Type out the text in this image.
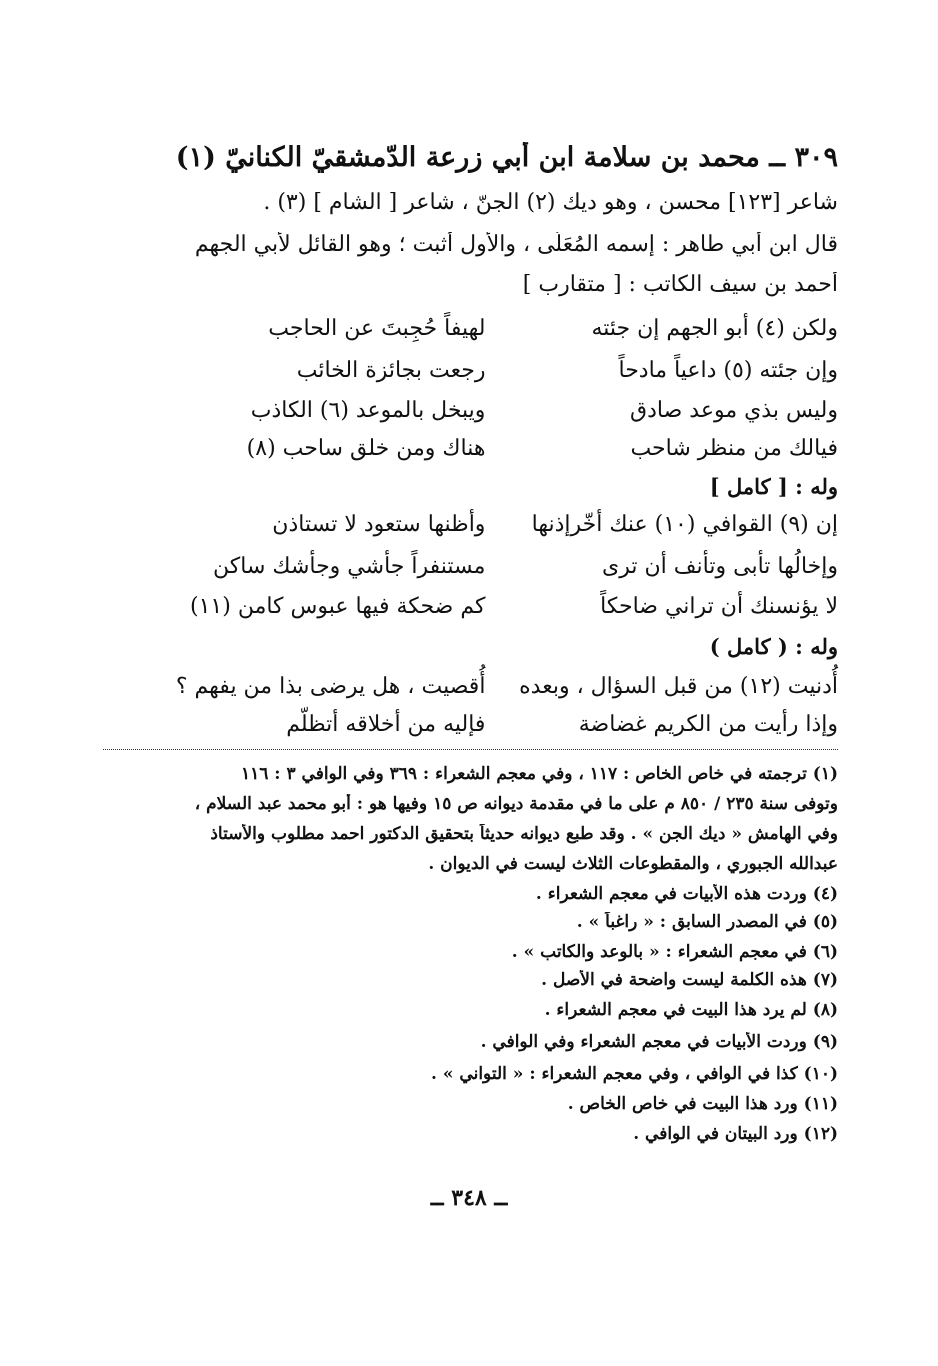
٣٠٩ ــ محمد بن سلامة ابن أبي زرعة الدّمشقيّ الكنانيّ (١)
شاعر [١٢٣] محسن ، وهو ديك (٢) الجنّ ، شاعر [ الشام ] (٣) .
قال ابن أبي طاهر : إسمه المُعَلّى ، والأول أثبت ؛ وهو القائل لأبي الجهم
أحمد بن سيف الكاتب : [ متقارب ]
ولكن (٤) أبو الجهم إن جئته
لهيفاً حُجِبتَ عن الحاجب
وإن جئته (٥) داعياً مادحاً
رجعت بجائزة الخائب
وليس بذي موعد صادق
ويبخل بالموعد (٦) الكاذب
فيالك من منظر شاحب
هناك ومن خلق ساحب (٨)
وله : [ كامل ]
إن (٩) القوافي (١٠) عنك أخّرإذنها
وأظنها ستعود لا تستاذن
وإخالُها تأبى وتأنف أن ترى
مستنفراً جأشي وجأشك ساكن
لا يؤنسنك أن تراني ضاحكاً
كم ضحكة فيها عبوس كامن (١١)
وله : ( كامل )
أُدنيت (١٢) من قبل السؤال ، وبعده
أُقصيت ، هل يرضى بذا من يفهم ؟
وإذا رأيت من الكريم غضاضة
فإليه من أخلاقه أتظلّم
(١) ترجمته في خاص الخاص : ١١٧ ، وفي معجم الشعراء : ٣٦٩ وفي الوافي ٣ : ١١٦
وتوفى سنة ٢٣٥ / ٨٥٠ م على ما في مقدمة ديوانه ص ١٥ وفيها هو : أبو محمد عبد السلام ،
وفي الهامش « ديك الجن » . وقد طبع ديوانه حديثاً بتحقيق الدكتور احمد مطلوب والأستاذ
عبدالله الجبوري ، والمقطوعات الثلاث ليست في الديوان .
(٤) وردت هذه الأبيات في معجم الشعراء .
(٥) في المصدر السابق : « راغباً » .
(٦) في معجم الشعراء : « بالوعد والكاتب » .
(٧) هذه الكلمة ليست واضحة في الأصل .
(٨) لم يرد هذا البيت في معجم الشعراء .
(٩) وردت الأبيات في معجم الشعراء وفي الوافي .
(١٠) كذا في الوافي ، وفي معجم الشعراء : « التواني » .
(١١) ورد هذا البيت في خاص الخاص .
(١٢) ورد البيتان في الوافي .
ــ ٣٤٨ ــ
